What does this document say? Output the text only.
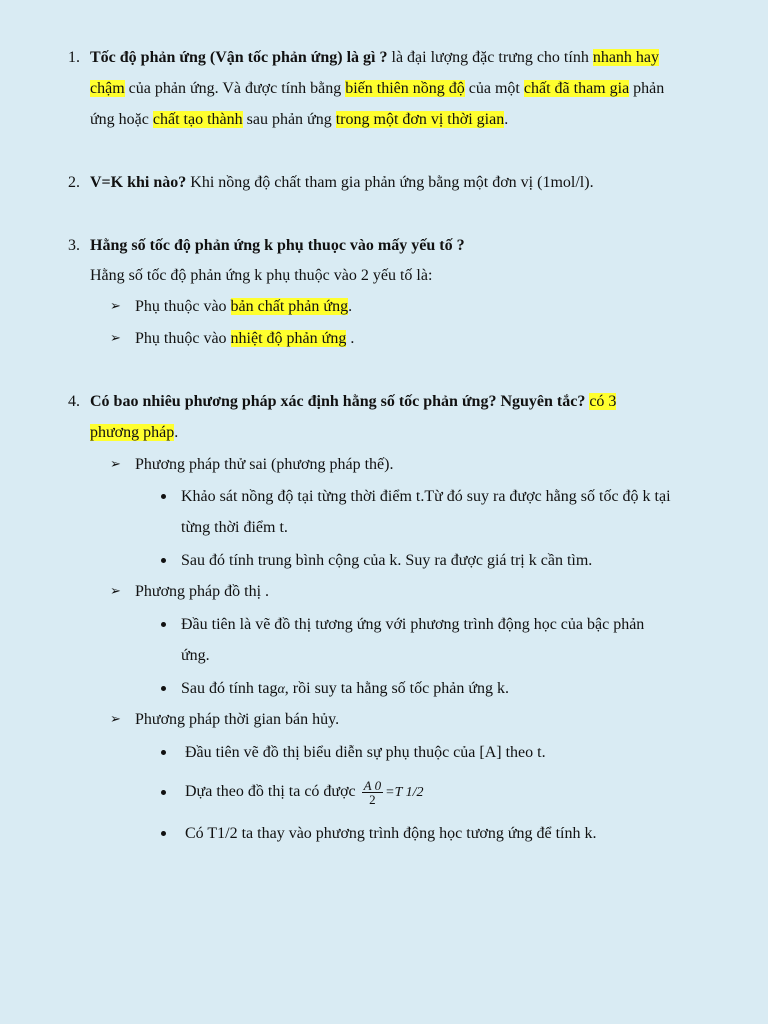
1. Tốc độ phản ứng (Vận tốc phản ứng) là gì ? là đại lượng đặc trưng cho tính nhanh hay
chậm của phản ứng. Và được tính bằng biến thiên nồng độ của một chất đã tham gia phản
ứng hoặc chất tạo thành sau phản ứng trong một đơn vị thời gian.
2. V=K khi nào? Khi nồng độ chất tham gia phản ứng bằng một đơn vị (1mol/l).
3. Hằng số tốc độ phản ứng k phụ thuọc vào mấy yếu tố ?
Hằng số tốc độ phản ứng k phụ thuộc vào 2 yếu tố là:
➢ Phụ thuộc vào bản chất phản ứng.
➢ Phụ thuộc vào nhiệt độ phản ứng .
4. Có bao nhiêu phương pháp xác định hằng số tốc phản ứng? Nguyên tắc? có 3
phương pháp.
➢ Phương pháp thử sai (phương pháp thế).
Khảo sát nồng độ tại từng thời điểm t.Từ đó suy ra được hằng số tốc độ k tại
từng thời điểm t.
Sau đó tính trung bình cộng của k. Suy ra được giá trị k cần tìm.
➢ Phương pháp đồ thị .
Đầu tiên là vẽ đồ thị tương ứng với phương trình động học của bậc phản
ứng.
Sau đó tính tagα, rồi suy ta hằng số tốc phản ứng k.
➢ Phương pháp thời gian bán hủy.
Đầu tiên vẽ đồ thị biểu diễn sự phụ thuộc của [A] theo t.
Dựa theo đồ thị ta có được $\frac{A 0}{2} =T$ 1/2
Có T1/2 ta thay vào phương trình động học tương ứng để tính k.
